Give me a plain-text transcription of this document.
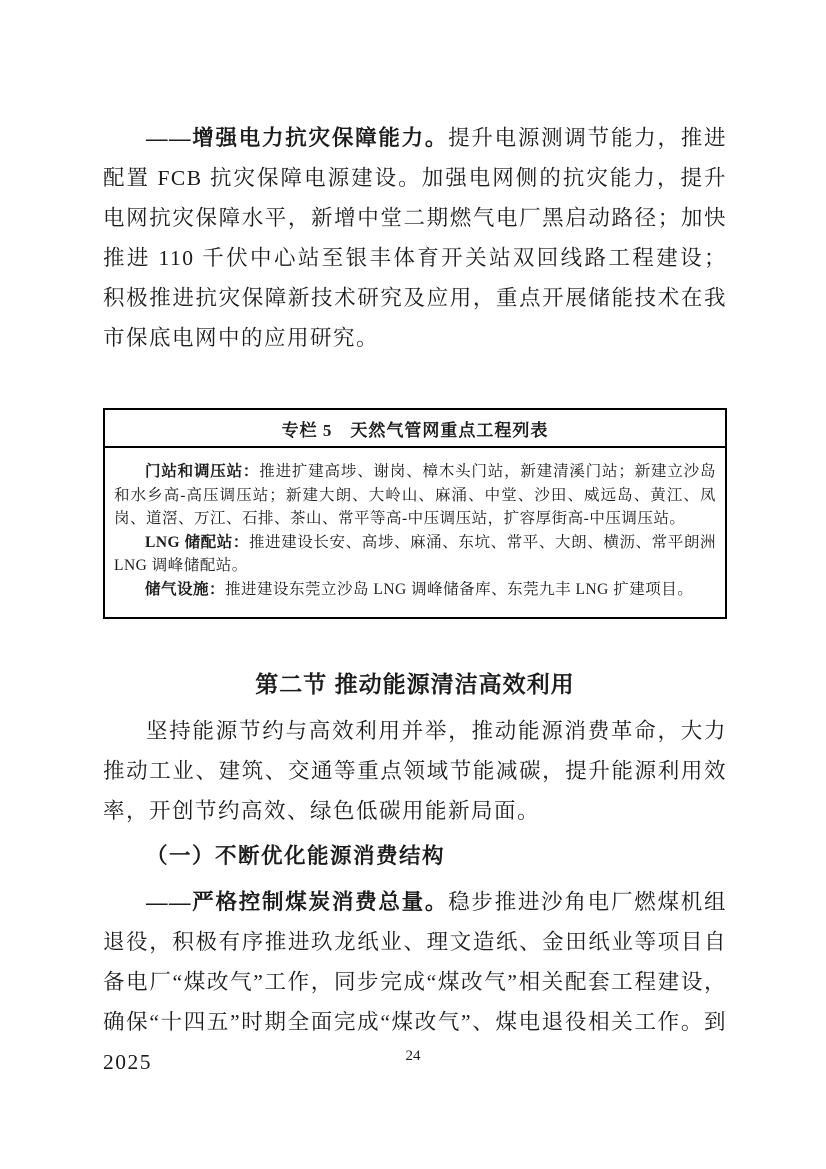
——增强电力抗灾保障能力。提升电源测调节能力，推进配置 FCB 抗灾保障电源建设。加强电网侧的抗灾能力，提升电网抗灾保障水平，新增中堂二期燃气电厂黑启动路径；加快推进 110 千伏中心站至银丰体育开关站双回线路工程建设；积极推进抗灾保障新技术研究及应用，重点开展储能技术在我市保底电网中的应用研究。

专栏 5　天然气管网重点工程列表

门站和调压站：推进扩建高埗、谢岗、樟木头门站，新建清溪门站；新建立沙岛和水乡高-高压调压站；新建大朗、大岭山、麻涌、中堂、沙田、威远岛、黄江、凤岗、道滘、万江、石排、茶山、常平等高-中压调压站，扩容厚街高-中压调压站。

LNG 储配站：推进建设长安、高埗、麻涌、东坑、常平、大朗、横沥、常平朗洲 LNG 调峰储配站。

储气设施：推进建设东莞立沙岛 LNG 调峰储备库、东莞九丰 LNG 扩建项目。

第二节 推动能源清洁高效利用

坚持能源节约与高效利用并举，推动能源消费革命，大力推动工业、建筑、交通等重点领域节能减碳，提升能源利用效率，开创节约高效、绿色低碳用能新局面。

（一）不断优化能源消费结构

——严格控制煤炭消费总量。稳步推进沙角电厂燃煤机组退役，积极有序推进玖龙纸业、理文造纸、金田纸业等项目自备电厂“煤改气”工作，同步完成“煤改气”相关配套工程建设，确保“十四五”时期全面完成“煤改气”、煤电退役相关工作。到 2025	24
